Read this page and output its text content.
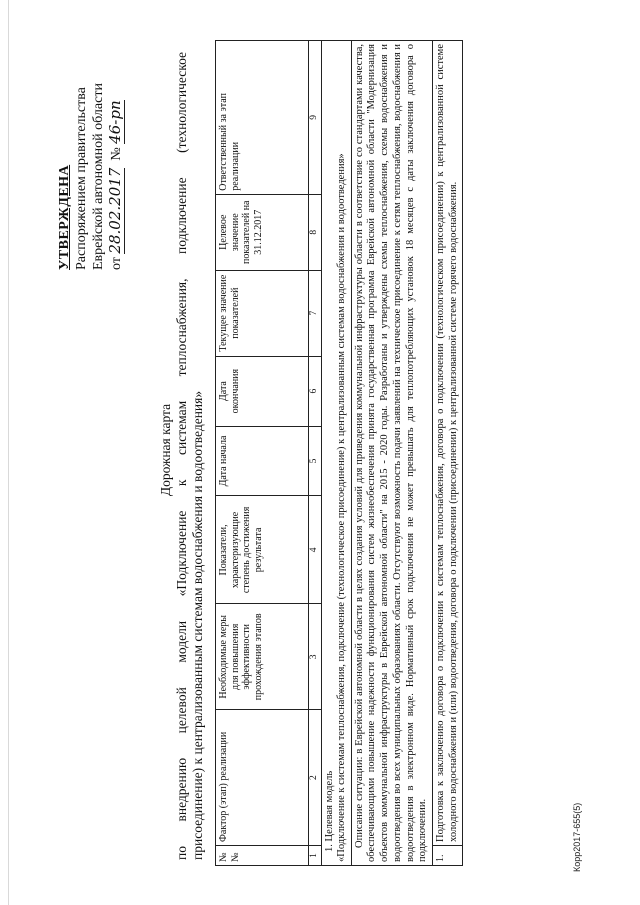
Корр2017-655(5)
УТВЕРЖДЕНА Распоряжением правительства Еврейской автономной области от 28.02.2017  № 46-рп
Дорожная карта по внедрению целевой модели «Подключение к системам теплоснабжения, подключение (технологическое присоединение) к централизованным системам водоснабжения и водоотведения» № №	Фактор (этап) реализации	Необходимые меры для повышения эффективности прохождения этапов	Показатели, характеризующие степень достижения результата	Дата начала	Дата окончания	Текущее значение показателей	Целевое значение показателей на 31.12.2017	Ответственный за этап реализации
1	2	3	4	5	6	7	8	9

1. Целевая модель «Подключение к системам теплоснабжения, подключение (технологическое присоединение) к централизованным системам водоснабжения и водоотведения»								

Описание ситуации: в Еврейской автономной области в целях создания условий для приведения коммунальной инфраструктуры области в соответствие со стандартами качества, обеспечивающими повышение надежности функционирования систем жизнеобеспечения принята государственная программа Еврейской автономной области "Модернизация объектов коммунальной инфраструктуры в Еврейской автономной области" на 2015 - 2020 годы. Разработаны и утверждены схемы теплоснабжения, схемы водоснабжения и водоотведения во всех муниципальных образованиях области. Отсутствуют возможность подачи заявлений на техническое присоединение к сетям теплоснабжения, водоснабжения и водоотведения в электронном виде. Нормативный срок подключения не может превышать для теплопотребляющих установок 18 месяцев с даты заключения договора о подключении.								

1.	Подготовка к заключению договора о подключении к системам теплоснабжения, договора о подключении (технологическом присоединении) к централизованной системе холодного водоснабжения и (или) водоотведения, договора о подключении (присоединении) к централизованной системе горячего водоснабжения.							
